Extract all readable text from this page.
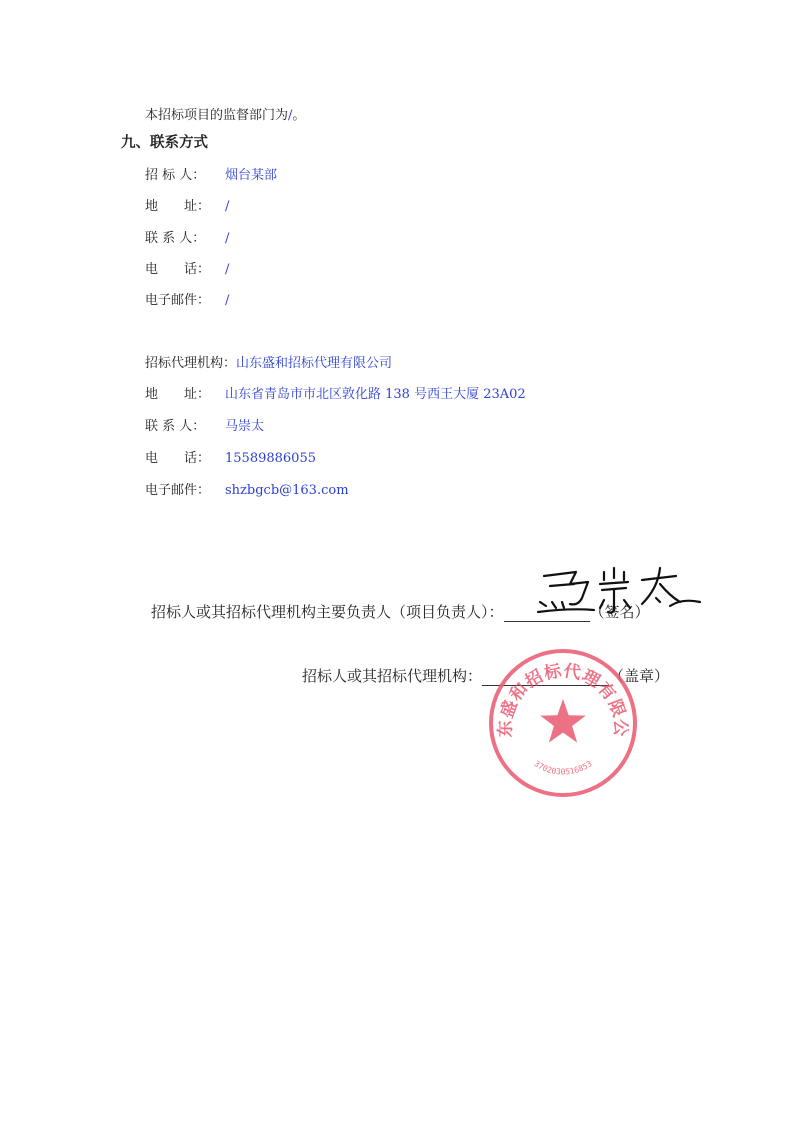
本招标项目的监督部门为/。
九、联系方式
招 标 人： 烟台某部
地　　址： /
联 系 人： /
电　　话： /
电子邮件： /
招标代理机构：山东盛和招标代理有限公司
地　　址： 山东省青岛市市北区敦化路 138 号西王大厦 23A02
联 系 人： 马崇太
电　　话： 15589886055
电子邮件： shzbgcb@163.com
招标人或其招标代理机构主要负责人（项目负责人）：	（签名）
招标人或其招标代理机构：	（盖章）
山东盛和招标代理有限公司
3702030516853
